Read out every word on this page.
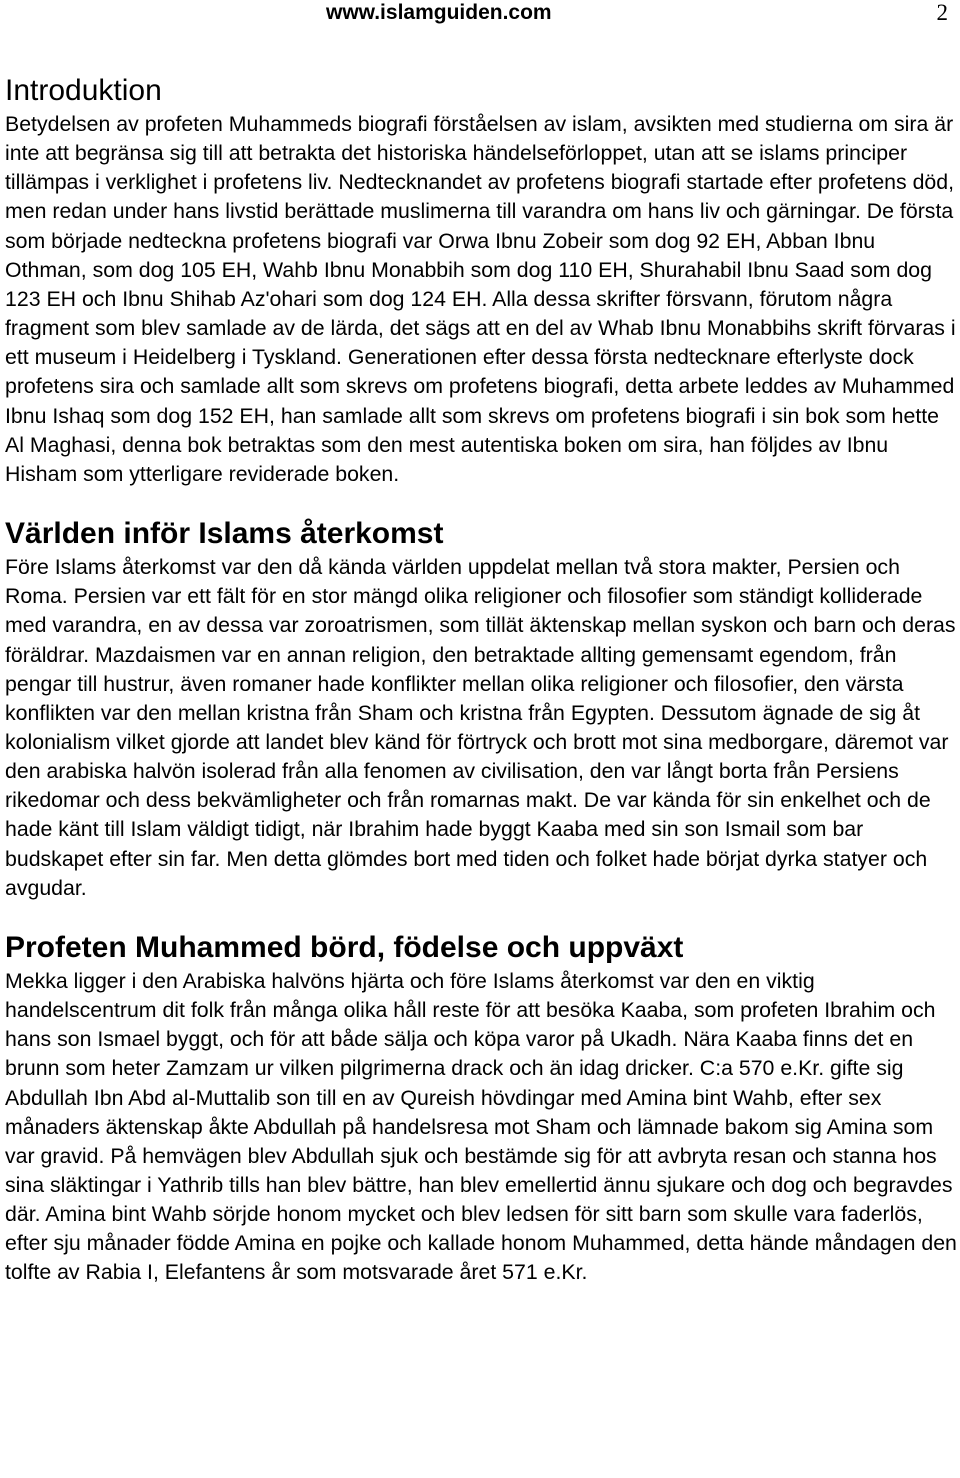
www.islamguiden.com	2
Introduktion

Betydelsen av profeten Muhammeds biografi förståelsen av islam, avsikten med studierna om sira är inte att begränsa sig till att betrakta det historiska händelseförloppet, utan att se islams principer tillämpas i verklighet i profetens liv. Nedtecknandet av profetens biografi startade efter profetens död, men redan under hans livstid berättade muslimerna till varandra om hans liv och gärningar. De första som började nedteckna profetens biografi var Orwa Ibnu Zobeir som dog 92 EH, Abban Ibnu Othman, som dog 105 EH, Wahb Ibnu Monabbih som dog 110 EH, Shurahabil Ibnu Saad som dog 123 EH och Ibnu Shihab Az'ohari som dog 124 EH. Alla dessa skrifter försvann, förutom några fragment som blev samlade av de lärda, det sägs att en del av Whab Ibnu Monabbihs skrift förvaras i ett museum i Heidelberg i Tyskland. Generationen efter dessa första nedtecknare efterlyste dock profetens sira och samlade allt som skrevs om profetens biografi, detta arbete leddes av Muhammed Ibnu Ishaq som dog 152 EH, han samlade allt som skrevs om profetens biografi i sin bok som hette Al Maghasi, denna bok betraktas som den mest autentiska boken om sira, han följdes av Ibnu Hisham som ytterligare reviderade boken.

Världen inför Islams återkomst

Före Islams återkomst var den då kända världen uppdelat mellan två stora makter, Persien och Roma. Persien var ett fält för en stor mängd olika religioner och filosofier som ständigt kolliderade med varandra, en av dessa var zoroatrismen, som tillät äktenskap mellan syskon och barn och deras föräldrar. Mazdaismen var en annan religion, den betraktade allting gemensamt egendom, från pengar till hustrur, även romaner hade konflikter mellan olika religioner och filosofier, den värsta konflikten var den mellan kristna från Sham och kristna från Egypten. Dessutom ägnade de sig åt kolonialism vilket gjorde att landet blev känd för förtryck och brott mot sina medborgare, däremot var den arabiska halvön isolerad från alla fenomen av civilisation, den var långt borta från Persiens rikedomar och dess bekvämligheter och från romarnas makt. De var kända för sin enkelhet och de hade känt till Islam väldigt tidigt, när Ibrahim hade byggt Kaaba med sin son Ismail som bar budskapet efter sin far. Men detta glömdes bort med tiden och folket hade börjat dyrka statyer och avgudar.

Profeten Muhammed börd, födelse och uppväxt

Mekka ligger i den Arabiska halvöns hjärta och före Islams återkomst var den en viktig handelscentrum dit folk från många olika håll reste för att besöka Kaaba, som profeten Ibrahim och hans son Ismael byggt, och för att både sälja och köpa varor på Ukadh. Nära Kaaba finns det en brunn som heter Zamzam ur vilken pilgrimerna drack och än idag dricker. C:a 570 e.Kr. gifte sig Abdullah Ibn Abd al-Muttalib son till en av Qureish hövdingar med Amina bint Wahb, efter sex månaders äktenskap åkte Abdullah på handelsresa mot Sham och lämnade bakom sig Amina som var gravid. På hemvägen blev Abdullah sjuk och bestämde sig för att avbryta resan och stanna hos sina släktingar i Yathrib tills han blev bättre, han blev emellertid ännu sjukare och dog och begravdes där. Amina bint Wahb sörjde honom mycket och blev ledsen för sitt barn som skulle vara faderlös, efter sju månader födde Amina en pojke och kallade honom Muhammed, detta hände måndagen den tolfte av Rabia I, Elefantens år som motsvarade året 571 e.Kr.
